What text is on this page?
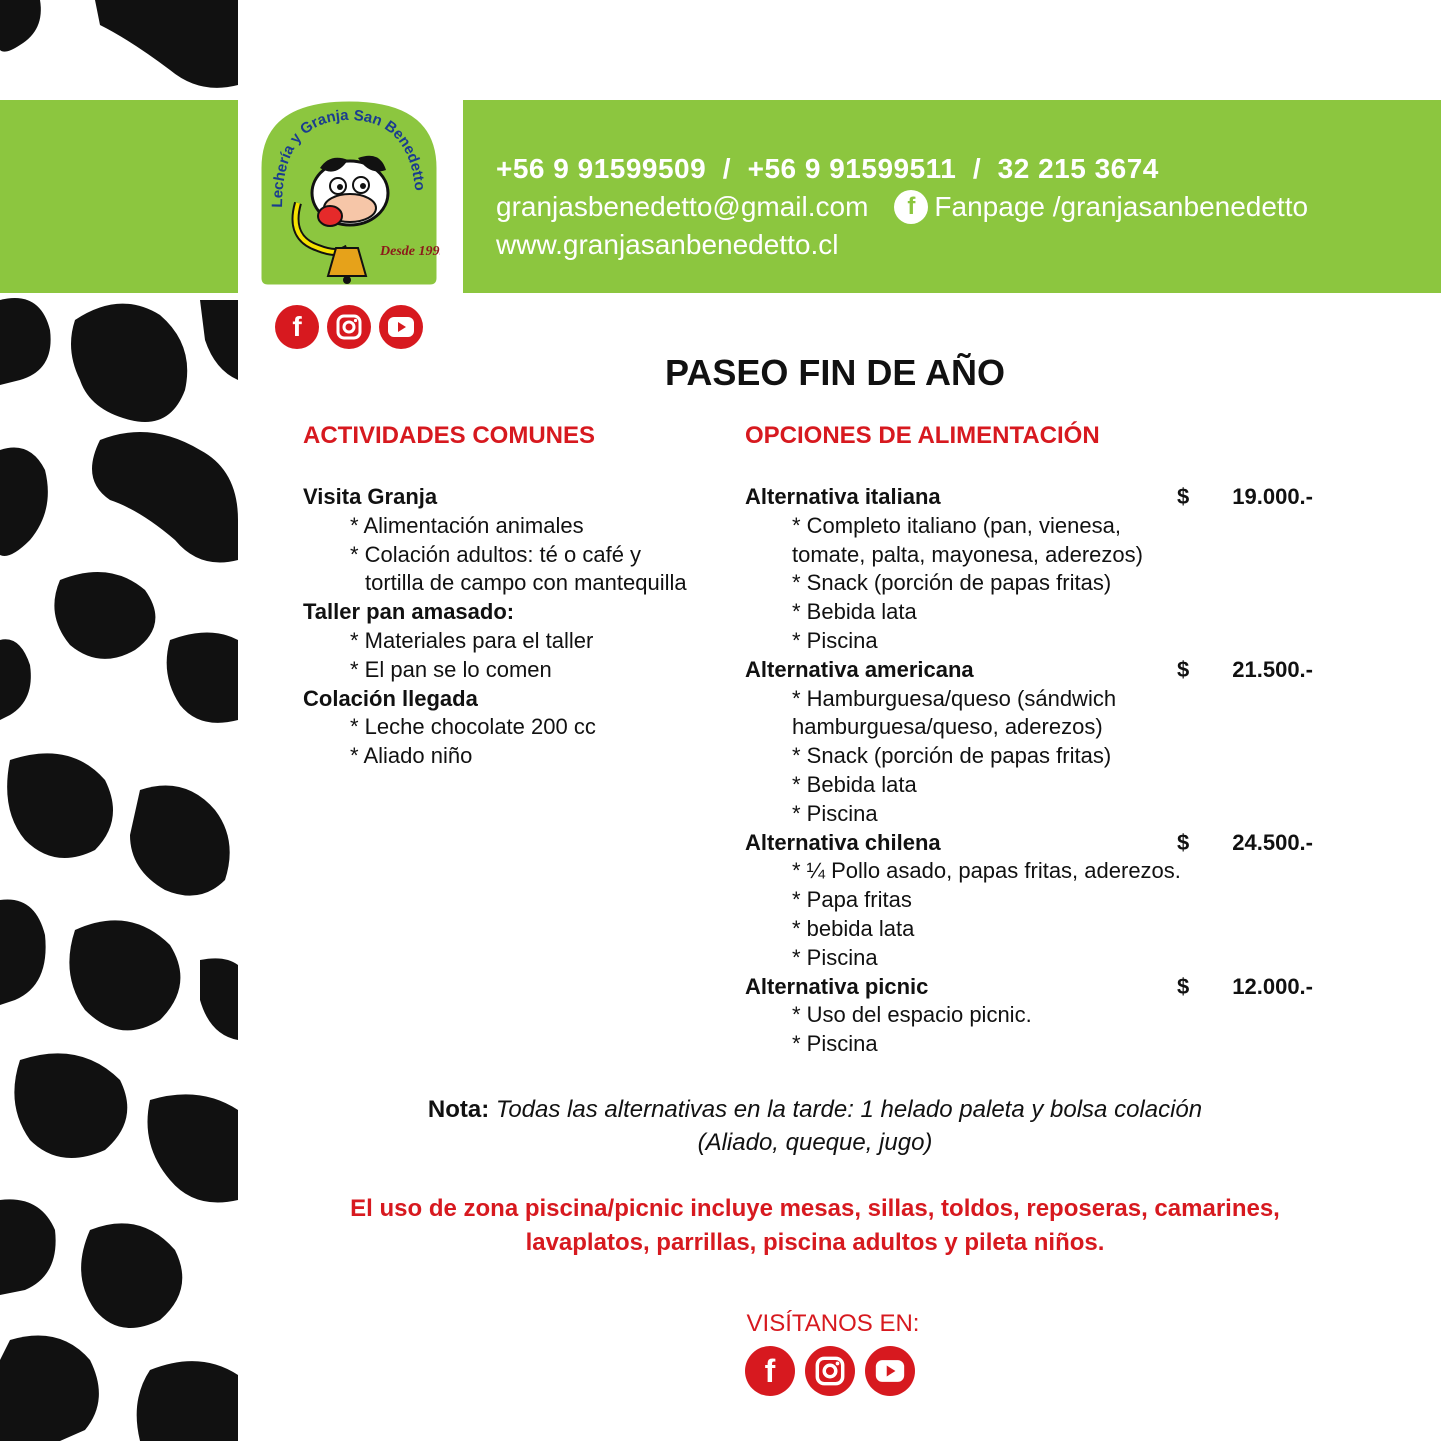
Lechería y Granja San Benedetto
Desde 1995
f
+56 9 91599509  /  +56 9 91599511  /  32 215 3674
granjasbenedetto@gmail.com	f Fanpage /granjasanbenedetto
www.granjasanbenedetto.cl
PASEO FIN DE AÑO
ACTIVIDADES COMUNES	OPCIONES DE ALIMENTACIÓN
Visita Granja
* Alimentación animales
* Colación adultos: té o café y
tortilla de campo con mantequilla
Taller pan amasado:
* Materiales para el taller
* El pan se lo comen
Colación llegada
* Leche chocolate 200 cc
* Aliado niño
Alternativa italiana	$	19.000.-
* Completo italiano (pan, vienesa,
tomate, palta, mayonesa, aderezos)
* Snack (porción de papas fritas)
* Bebida lata
* Piscina
Alternativa americana	$	21.500.-
* Hamburguesa/queso (sándwich
hamburguesa/queso, aderezos)
* Snack (porción de papas fritas)
* Bebida lata
* Piscina
Alternativa chilena	$	24.500.-
* ¼ Pollo asado, papas fritas, aderezos.
* Papa fritas
* bebida lata
* Piscina
Alternativa picnic	$	12.000.-
* Uso del espacio picnic.
* Piscina
Nota: Todas las alternativas en la tarde: 1 helado paleta y bolsa colación
(Aliado, queque, jugo)
El uso de zona piscina/picnic incluye mesas, sillas, toldos, reposeras, camarines,
lavaplatos, parrillas, piscina adultos y pileta niños.
VISÍTANOS EN:
f
